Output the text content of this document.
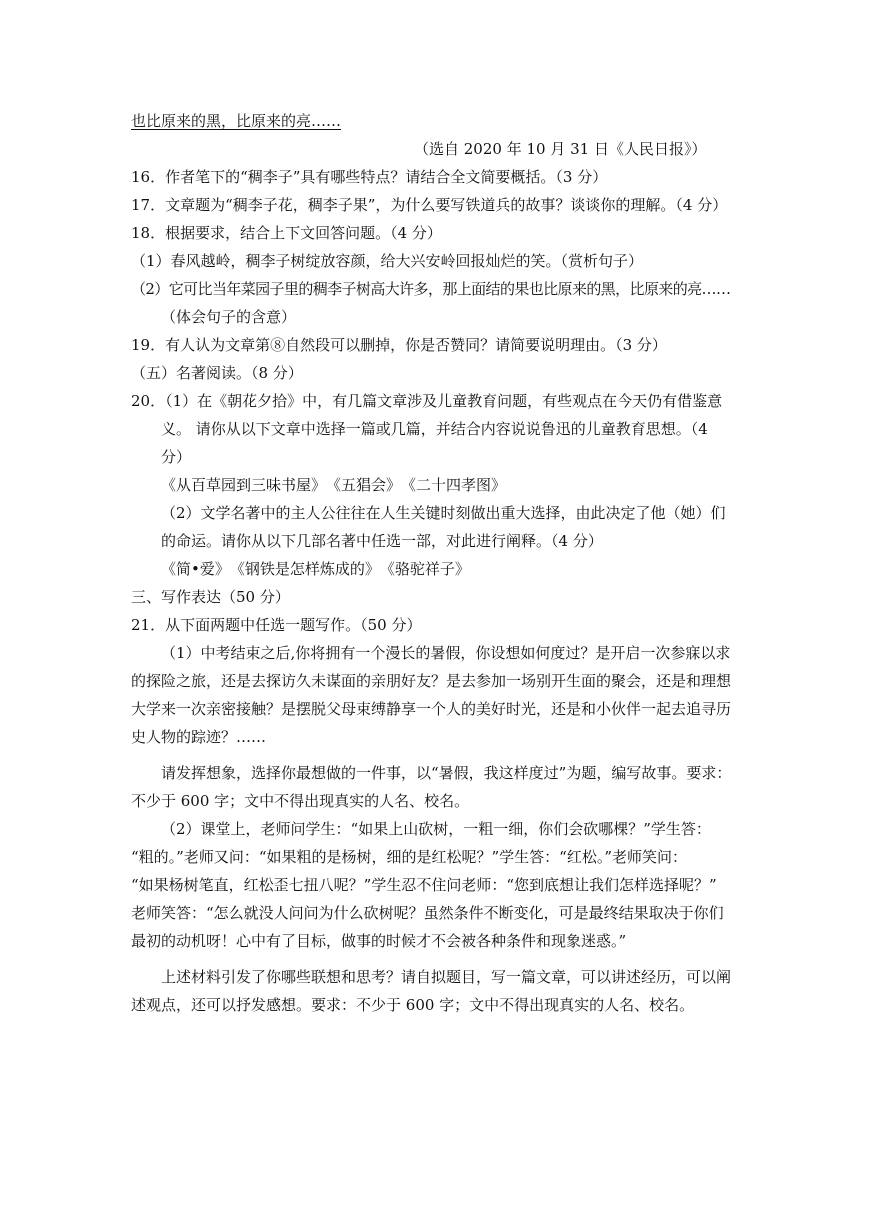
也比原来的黑，比原来的亮……
（选自 2020 年 10 月 31 日《人民日报》）
16．作者笔下的“稠李子”具有哪些特点？请结合全文简要概括。（3 分）
17．文章题为“稠李子花，稠李子果”，为什么要写铁道兵的故事？谈谈你的理解。（4 分）
18．根据要求，结合上下文回答问题。（4 分）
（1）春风越岭，稠李子树绽放容颜，给大兴安岭回报灿烂的笑。（赏析句子）
（2）它可比当年菜园子里的稠李子树高大许多，那上面结的果也比原来的黑，比原来的亮……
（体会句子的含意）
19．有人认为文章第⑧自然段可以删掉，你是否赞同？请简要说明理由。（3 分）
（五）名著阅读。（8 分）
20．（1）在《朝花夕拾》中，有几篇文章涉及儿童教育问题，有些观点在今天仍有借鉴意
义。 请你从以下文章中选择一篇或几篇，并结合内容说说鲁迅的儿童教育思想。（4
分）
《从百草园到三味书屋》　《五猖会》　《二十四孝图》
（2）文学名著中的主人公往往在人生关键时刻做出重大选择，由此决定了他（她）们
的命运。请你从以下几部名著中任选一部，对此进行阐释。（4 分）
《简•爱》　《钢铁是怎样炼成的》　《骆驼祥子》
三、写作表达（50 分）
21．从下面两题中任选一题写作。（50 分）
（1）中考结束之后,你将拥有一个漫长的暑假，你设想如何度过？是开启一次参寐以求
的探险之旅，还是去探访久未谋面的亲朋好友？是去参加一场别开生面的聚会，还是和理想
大学来一次亲密接触？是摆脱父母束缚静享一个人的美好时光，还是和小伙伴一起去追寻历
史人物的踪迹？……
请发挥想象，选择你最想做的一件事，以“暑假，我这样度过”为题，编写故事。要求：
不少于 600 字；文中不得出现真实的人名、校名。
（2）课堂上，老师问学生：“如果上山砍树，一粗一细，你们会砍哪棵？”学生答：
“粗的。”老师又问：“如果粗的是杨树，细的是红松呢？”学生答：“红松。”老师笑问：
“如果杨树笔直，红松歪七扭八呢？”学生忍不住问老师：“您到底想让我们怎样选择呢？”
老师笑答：“怎么就没人问问为什么砍树呢？虽然条件不断变化，可是最终结果取决于你们
最初的动机呀！心中有了目标，做事的时候才不会被各种条件和现象迷惑。”
上述材料引发了你哪些联想和思考？请自拟题目，写一篇文章，可以讲述经历，可以阐
述观点，还可以抒发感想。要求：不少于 600 字；文中不得出现真实的人名、校名。
